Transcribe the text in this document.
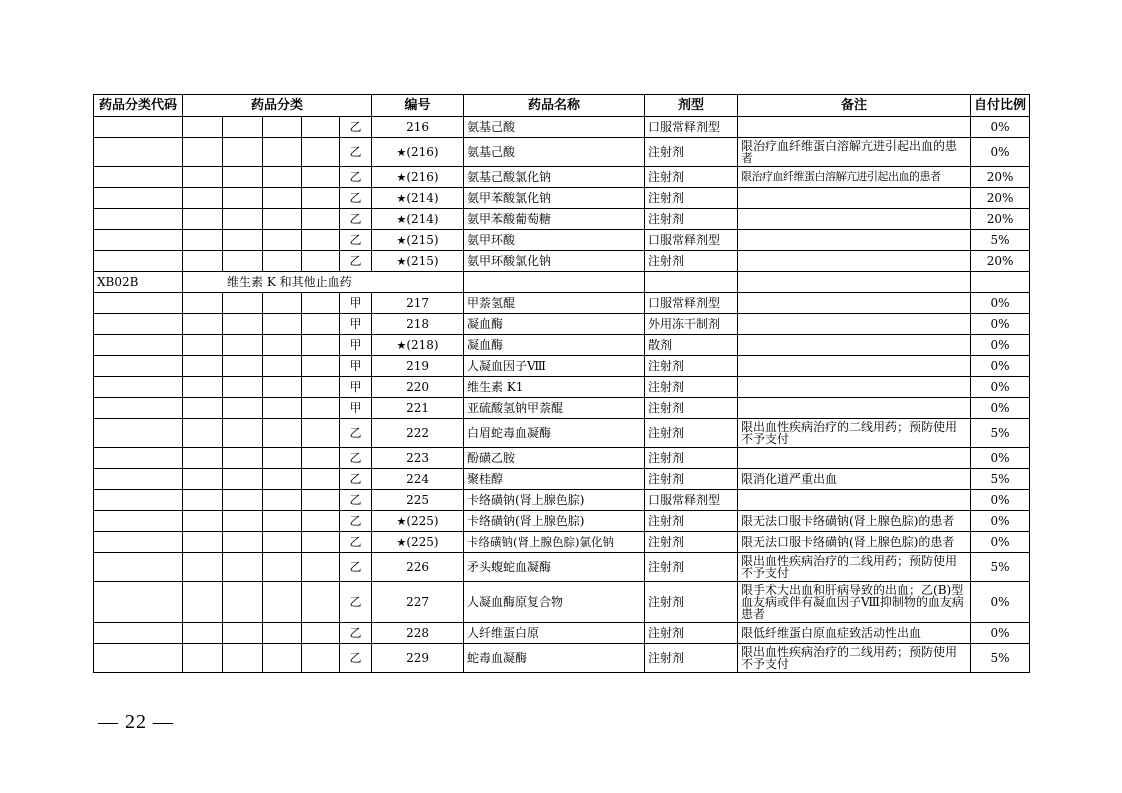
药品分类代码	药品分类					编号	药品名称	剂型	备注	自付比例
					乙	216	氨基己酸	口服常释剂型		0%
					乙	★(216)	氨基己酸	注射剂	限治疗血纤维蛋白溶解亢进引起出血的患者	0%
					乙	★(216)	氨基己酸氯化钠	注射剂	限治疗血纤维蛋白溶解亢进引起出血的患者	20%
					乙	★(214)	氨甲苯酸氯化钠	注射剂		20%
					乙	★(214)	氨甲苯酸葡萄糖	注射剂		20%
					乙	★(215)	氨甲环酸	口服常释剂型		5%
					乙	★(215)	氨甲环酸氯化钠	注射剂		20%
XB02B	维生素 K 和其他止血药									
					甲	217	甲萘氢醌	口服常释剂型		0%
					甲	218	凝血酶	外用冻干制剂		0%
					甲	★(218)	凝血酶	散剂		0%
					甲	219	人凝血因子Ⅷ	注射剂		0%
					甲	220	维生素 K1	注射剂		0%
					甲	221	亚硫酸氢钠甲萘醌	注射剂		0%
					乙	222	白眉蛇毒血凝酶	注射剂	限出血性疾病治疗的二线用药；预防使用不予支付	5%
					乙	223	酚磺乙胺	注射剂		0%
					乙	224	聚桂醇	注射剂	限消化道严重出血	5%
					乙	225	卡络磺钠(肾上腺色腙)	口服常释剂型		0%
					乙	★(225)	卡络磺钠(肾上腺色腙)	注射剂	限无法口服卡络磺钠(肾上腺色腙)的患者	0%
					乙	★(225)	卡络磺钠(肾上腺色腙)氯化钠	注射剂	限无法口服卡络磺钠(肾上腺色腙)的患者	0%
					乙	226	矛头蝮蛇血凝酶	注射剂	限出血性疾病治疗的二线用药；预防使用不予支付	5%
					乙	227	人凝血酶原复合物	注射剂	限手术大出血和肝病导致的出血；乙(B)型血友病或伴有凝血因子Ⅷ抑制物的血友病患者	0%
					乙	228	人纤维蛋白原	注射剂	限低纤维蛋白原血症致活动性出血	0%
					乙	229	蛇毒血凝酶	注射剂	限出血性疾病治疗的二线用药；预防使用不予支付	5%
— 22 —
